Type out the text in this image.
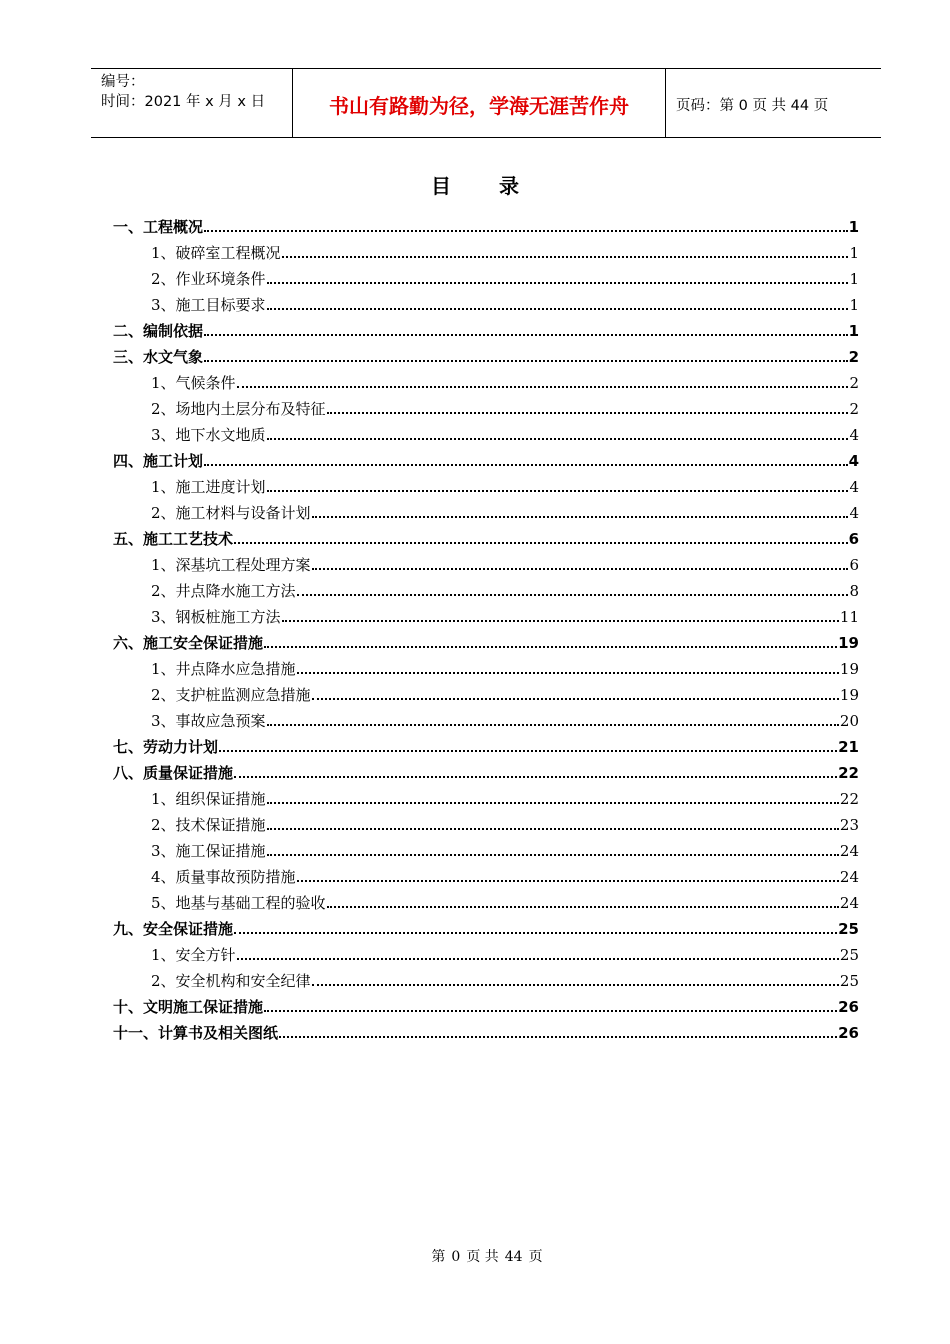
编号：
时间：2021 年 x 月 x 日	书山有路勤为径，学海无涯苦作舟	页码：第 0 页 共 44 页
目录
一、工程概况	1
1、破碎室工程概况	1
2、作业环境条件	1
3、施工目标要求	1
二、编制依据	1
三、水文气象	2
1、气候条件	2
2、场地内土层分布及特征	2
3、地下水文地质	4
四、施工计划	4
1、施工进度计划	4
2、施工材料与设备计划	4
五、施工工艺技术	6
1、深基坑工程处理方案	6
2、井点降水施工方法	8
3、钢板桩施工方法	11
六、施工安全保证措施	19
1、井点降水应急措施	19
2、支护桩监测应急措施	19
3、事故应急预案	20
七、劳动力计划	21
八、质量保证措施	22
1、组织保证措施	22
2、技术保证措施	23
3、施工保证措施	24
4、质量事故预防措施	24
5、地基与基础工程的验收	24
九、安全保证措施	25
1、安全方针	25
2、安全机构和安全纪律	25
十、文明施工保证措施	26
十一、计算书及相关图纸	26
第 0 页 共 44 页
